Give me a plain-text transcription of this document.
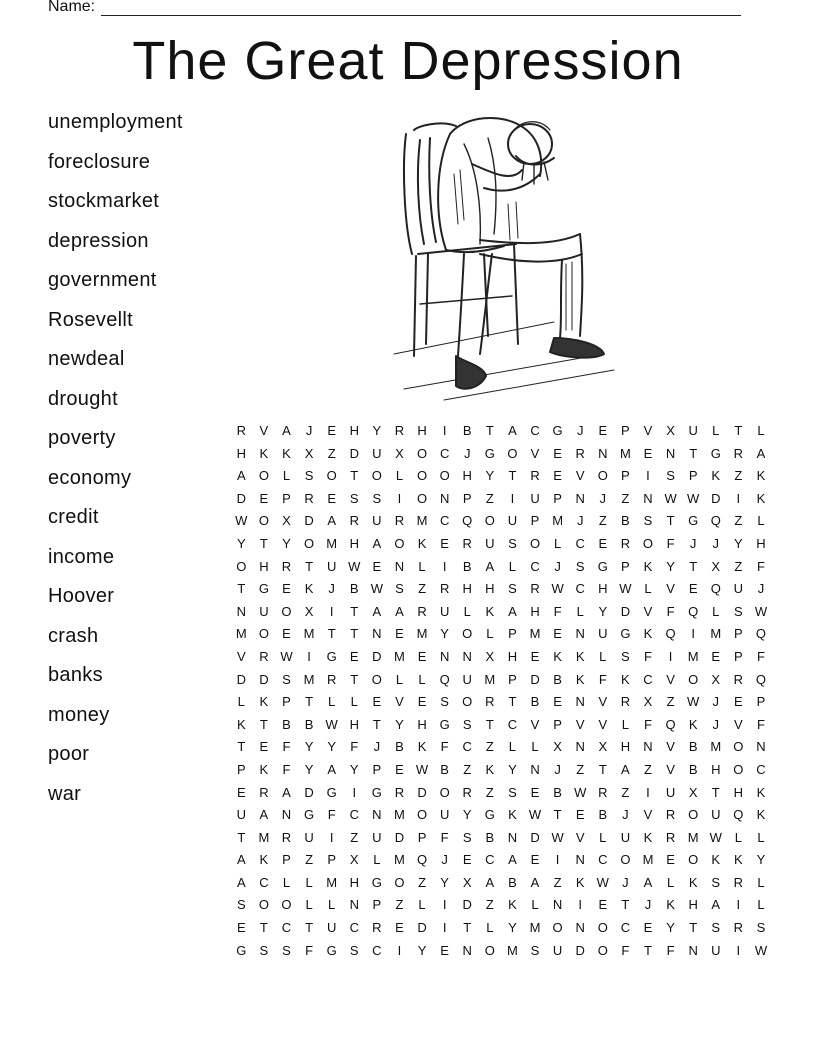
Name:
The Great Depression
unemployment
foreclosure
stockmarket
depression
government
Rosevellt
newdeal
drought
poverty
economy
credit
income
Hoover
crash
banks
money
poor
war
R	V	A	J	E	H	Y	R	H	I	B	T	A	C G	J	E	P	V	X	U	L	T	L
H	K	K	X	Z	D	U	X	O C	J	G O	V	E	R	N M E	N	T	G R	A
A	O	L	S	O	T	O	L	O O H	Y	T	R	E	V	O	P	I	S	P	K	Z	K
D	E	P	R	E	S	S	I	O N	P	Z	I	U	P	N	J	Z	N W W D	I	K
W O	X	D	A	R	U	R M C Q O U	P M	J	Z	B	S	T	G Q	Z	L
Y	T	Y	O M H	A	O	K	E	R	U	S	O	L	C	E	R O	F	J	J	Y	H
O H	R	T	U W E	N	L	I	B	A	L	C	J	S	G	P	K	Y	T	X	Z	F
T	G	E	K	J	B W S	Z	R	H	H	S	R W C	H W L	V	E	Q U	J
N	U O	X	I	T	A	A	R	U	L	K	A	H	F	L	Y	D	V	F	Q	L	S W
M O	E M	T	T	N	E M Y	O	L	P M E	N	U G	K	Q	I	M P	Q
V	R W	I	G	E	D M E	N	N	X	H	E	K	K	L	S	F	I	M E	P	F
D	D	S M R	T	O	L	L	Q U M P	D	B	K	F	K	C	V	O	X	R Q
L	K	P	T	L	L	E	V	E	S	O R	T	B	E	N	V	R	X	Z W	J	E	P
K	T	B	B W H	T	Y	H G	S	T	C	V	P	V	V	L	F	Q	K	J	V	F
T	E	F	Y	Y	F	J	B	K	F	C	Z	L	L	X	N	X	H	N	V	B M O N
P	K	F	Y	A	Y	P	E W B	Z	K	Y	N	J	Z	T	A	Z	V	B	H O C
E	R	A	D G	I	G R	D O R	Z	S	E	B W R	Z	I	U	X	T	H	K
U	A	N G	F	C	N M O U	Y	G	K W T	E	B	J	V	R O U Q	K
T	M R	U	I	Z	U	D	P	F	S	B	N	D W V	L	U	K	R M W L	L
A	K	P	Z	P	X	L	M Q	J	E	C	A	E	I	N	C O M E	O	K	K	Y
A	C	L	L	M H G O	Z	Y	X	A	B	A	Z	K W	J	A	L	K	S	R	L
S	O O	L	L	N	P	Z	L	I	D	Z	K	L	N	I	E	T	J	K	H	A	I	L
E	T	C	T	U	C	R	E	D	I	T	L	Y M O N O C	E	Y	T	S	R	S
G	S	S	F	G	S	C	I	Y	E	N O M S	U	D O	F	T	F	N	U	I	W
